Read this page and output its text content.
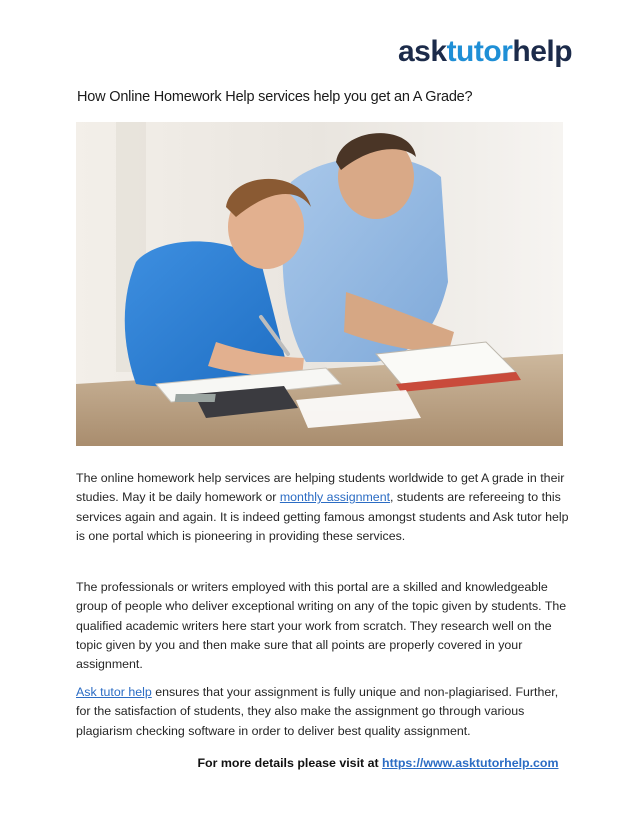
asktutorhelp
How Online Homework Help services help you get an A Grade?

The online homework help services are helping students worldwide to get A grade in their studies. May it be daily homework or monthly assignment, students are refereeing to this services again and again. It is indeed getting famous amongst students and Ask tutor help is one portal which is pioneering in providing these services.

The professionals or writers employed with this portal are a skilled and knowledgeable group of people who deliver exceptional writing on any of the topic given by students. The qualified academic writers here start your work from scratch. They research well on the topic given by you and then make sure that all points are properly covered in your assignment.

Ask tutor help ensures that your assignment is fully unique and non-plagiarised. Further, for the satisfaction of students, they also make the assignment go through various plagiarism checking software in order to deliver best quality assignment.

For more details please visit at https://www.asktutorhelp.com
